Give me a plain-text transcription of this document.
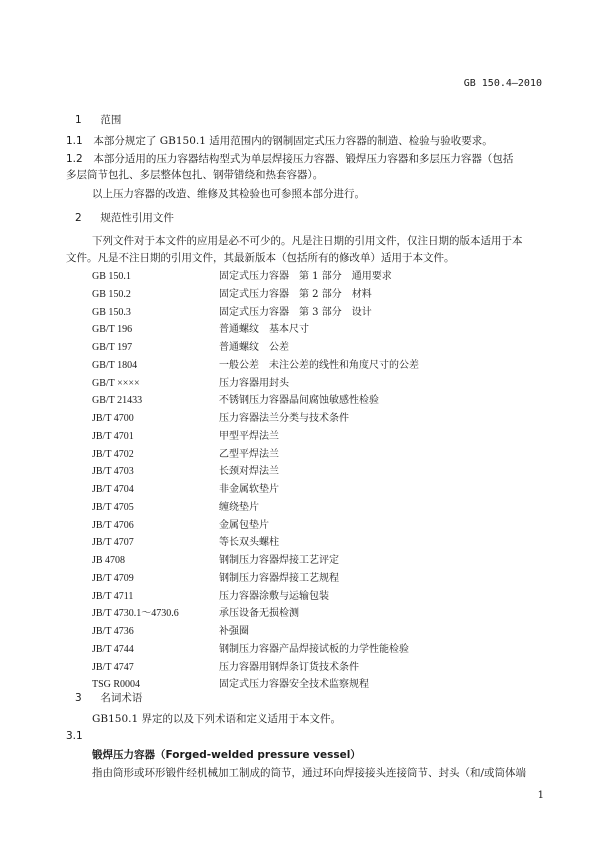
GB 150.4—2010
1 范围
1.1 本部分规定了 GB150.1 适用范围内的钢制固定式压力容器的制造、检验与验收要求。
1.2 本部分适用的压力容器结构型式为单层焊接压力容器、锻焊压力容器和多层压力容器（包括
多层筒节包扎、多层整体包扎、钢带错绕和热套容器）。
以上压力容器的改造、维修及其检验也可参照本部分进行。
2 规范性引用文件
下列文件对于本文件的应用是必不可少的。凡是注日期的引用文件，仅注日期的版本适用于本
文件。凡是不注日期的引用文件，其最新版本（包括所有的修改单）适用于本文件。
GB 150.1	固定式压力容器　第 1 部分　通用要求
GB 150.2	固定式压力容器　第 2 部分　材料
GB 150.3	固定式压力容器　第 3 部分　设计
GB/T 196	普通螺纹　基本尺寸
GB/T 197	普通螺纹　公差
GB/T 1804	一般公差　未注公差的线性和角度尺寸的公差
GB/T ××××	压力容器用封头
GB/T 21433	不锈钢压力容器晶间腐蚀敏感性检验
JB/T 4700	压力容器法兰分类与技术条件
JB/T 4701	甲型平焊法兰
JB/T 4702	乙型平焊法兰
JB/T 4703	长颈对焊法兰
JB/T 4704	非金属软垫片
JB/T 4705	缠绕垫片
JB/T 4706	金属包垫片
JB/T 4707	等长双头螺柱
JB 4708	钢制压力容器焊接工艺评定
JB/T 4709	钢制压力容器焊接工艺规程
JB/T 4711	压力容器涂敷与运输包装
JB/T 4730.1～4730.6	承压设备无损检测
JB/T 4736	补强圈
JB/T 4744	钢制压力容器产品焊接试板的力学性能检验
JB/T 4747	压力容器用钢焊条订货技术条件
TSG R0004	固定式压力容器安全技术监察规程
3 名词术语
GB150.1 界定的以及下列术语和定义适用于本文件。
3.1
锻焊压力容器（Forged-welded pressure vessel）
指由筒形或环形锻件经机械加工制成的筒节，通过环向焊接接头连接筒节、封头（和/或筒体端
1
